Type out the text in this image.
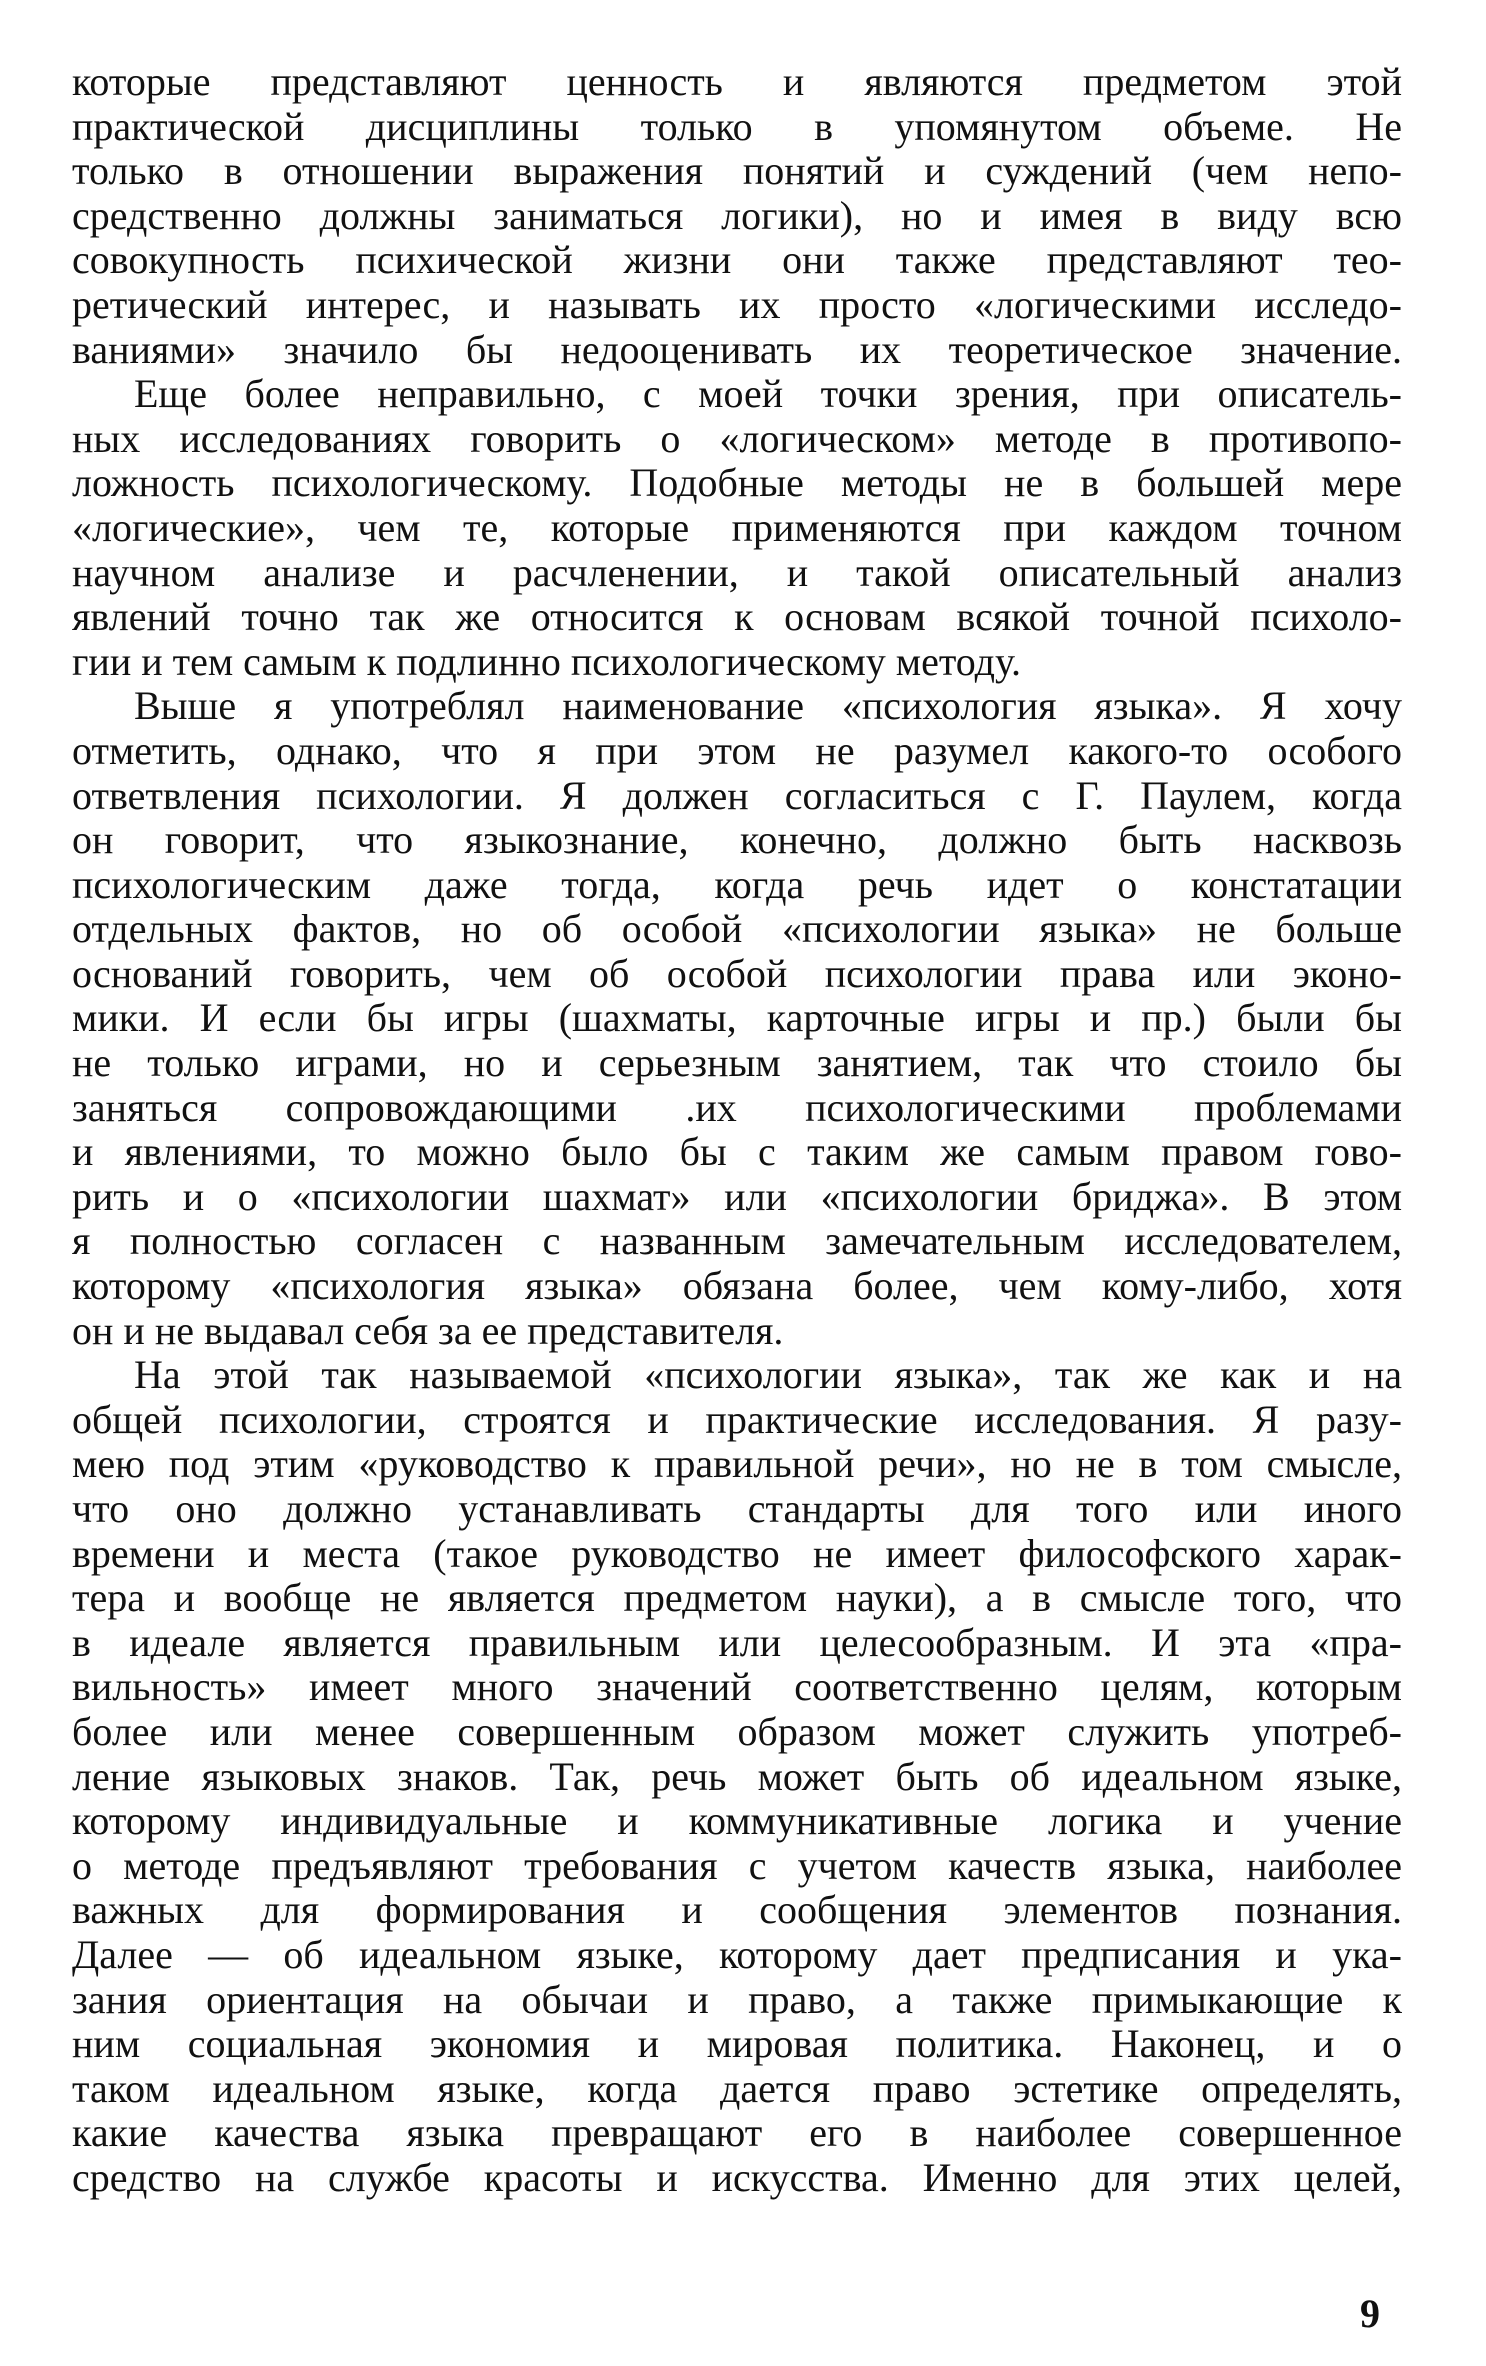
которые представляют ценность и являются предметом этой
практической дисциплины только в упомянутом объеме. Не
только в отношении выражения понятий и суждений (чем непо-
средственно должны заниматься логики), но и имея в виду всю
совокупность психической жизни они также представляют тео-
ретический интерес, и называть их просто «логическими исследо-
ваниями» значило бы недооценивать их теоретическое значение.
Еще более неправильно, с моей точки зрения, при описатель-
ных исследованиях говорить о «логическом» методе в противопо-
ложность психологическому. Подобные методы не в большей мере
«логические», чем те, которые применяются при каждом точном
научном анализе и расчленении, и такой описательный анализ
явлений точно так же относится к основам всякой точной психоло-
гии и тем самым к подлинно психологическому методу.
Выше я употреблял наименование «психология языка». Я хочу
отметить, однако, что я при этом не разумел какого-то особого
ответвления психологии. Я должен согласиться с Г. Паулем, когда
он говорит, что языкознание, конечно, должно быть насквозь
психологическим даже тогда, когда речь идет о констатации
отдельных фактов, но об особой «психологии языка» не больше
оснований говорить, чем об особой психологии права или эконо-
мики. И если бы игры (шахматы, карточные игры и пр.) были бы
не только играми, но и серьезным занятием, так что стоило бы
заняться сопровождающими .их психологическими проблемами
и явлениями, то можно было бы с таким же самым правом гово-
рить и о «психологии шахмат» или «психологии бриджа». В этом
я полностью согласен с названным замечательным исследователем,
которому «психология языка» обязана более, чем кому-либо, хотя
он и не выдавал себя за ее представителя.
На этой так называемой «психологии языка», так же как и на
общей психологии, строятся и практические исследования. Я разу-
мею под этим «руководство к правильной речи», но не в том смысле,
что оно должно устанавливать стандарты для того или иного
времени и места (такое руководство не имеет философского харак-
тера и вообще не является предметом науки), а в смысле того, что
в идеале является правильным или целесообразным. И эта «пра-
вильность» имеет много значений соответственно целям, которым
более или менее совершенным образом может служить употреб-
ление языковых знаков. Так, речь может быть об идеальном языке,
которому индивидуальные и коммуникативные логика и учение
о методе предъявляют требования с учетом качеств языка, наиболее
важных для формирования и сообщения элементов познания.
Далее — об идеальном языке, которому дает предписания и ука-
зания ориентация на обычаи и право, а также примыкающие к
ним социальная экономия и мировая политика. Наконец, и о
таком идеальном языке, когда дается право эстетике определять,
какие качества языка превращают его в наиболее совершенное
средство на службе красоты и искусства. Именно для этих целей,
9
